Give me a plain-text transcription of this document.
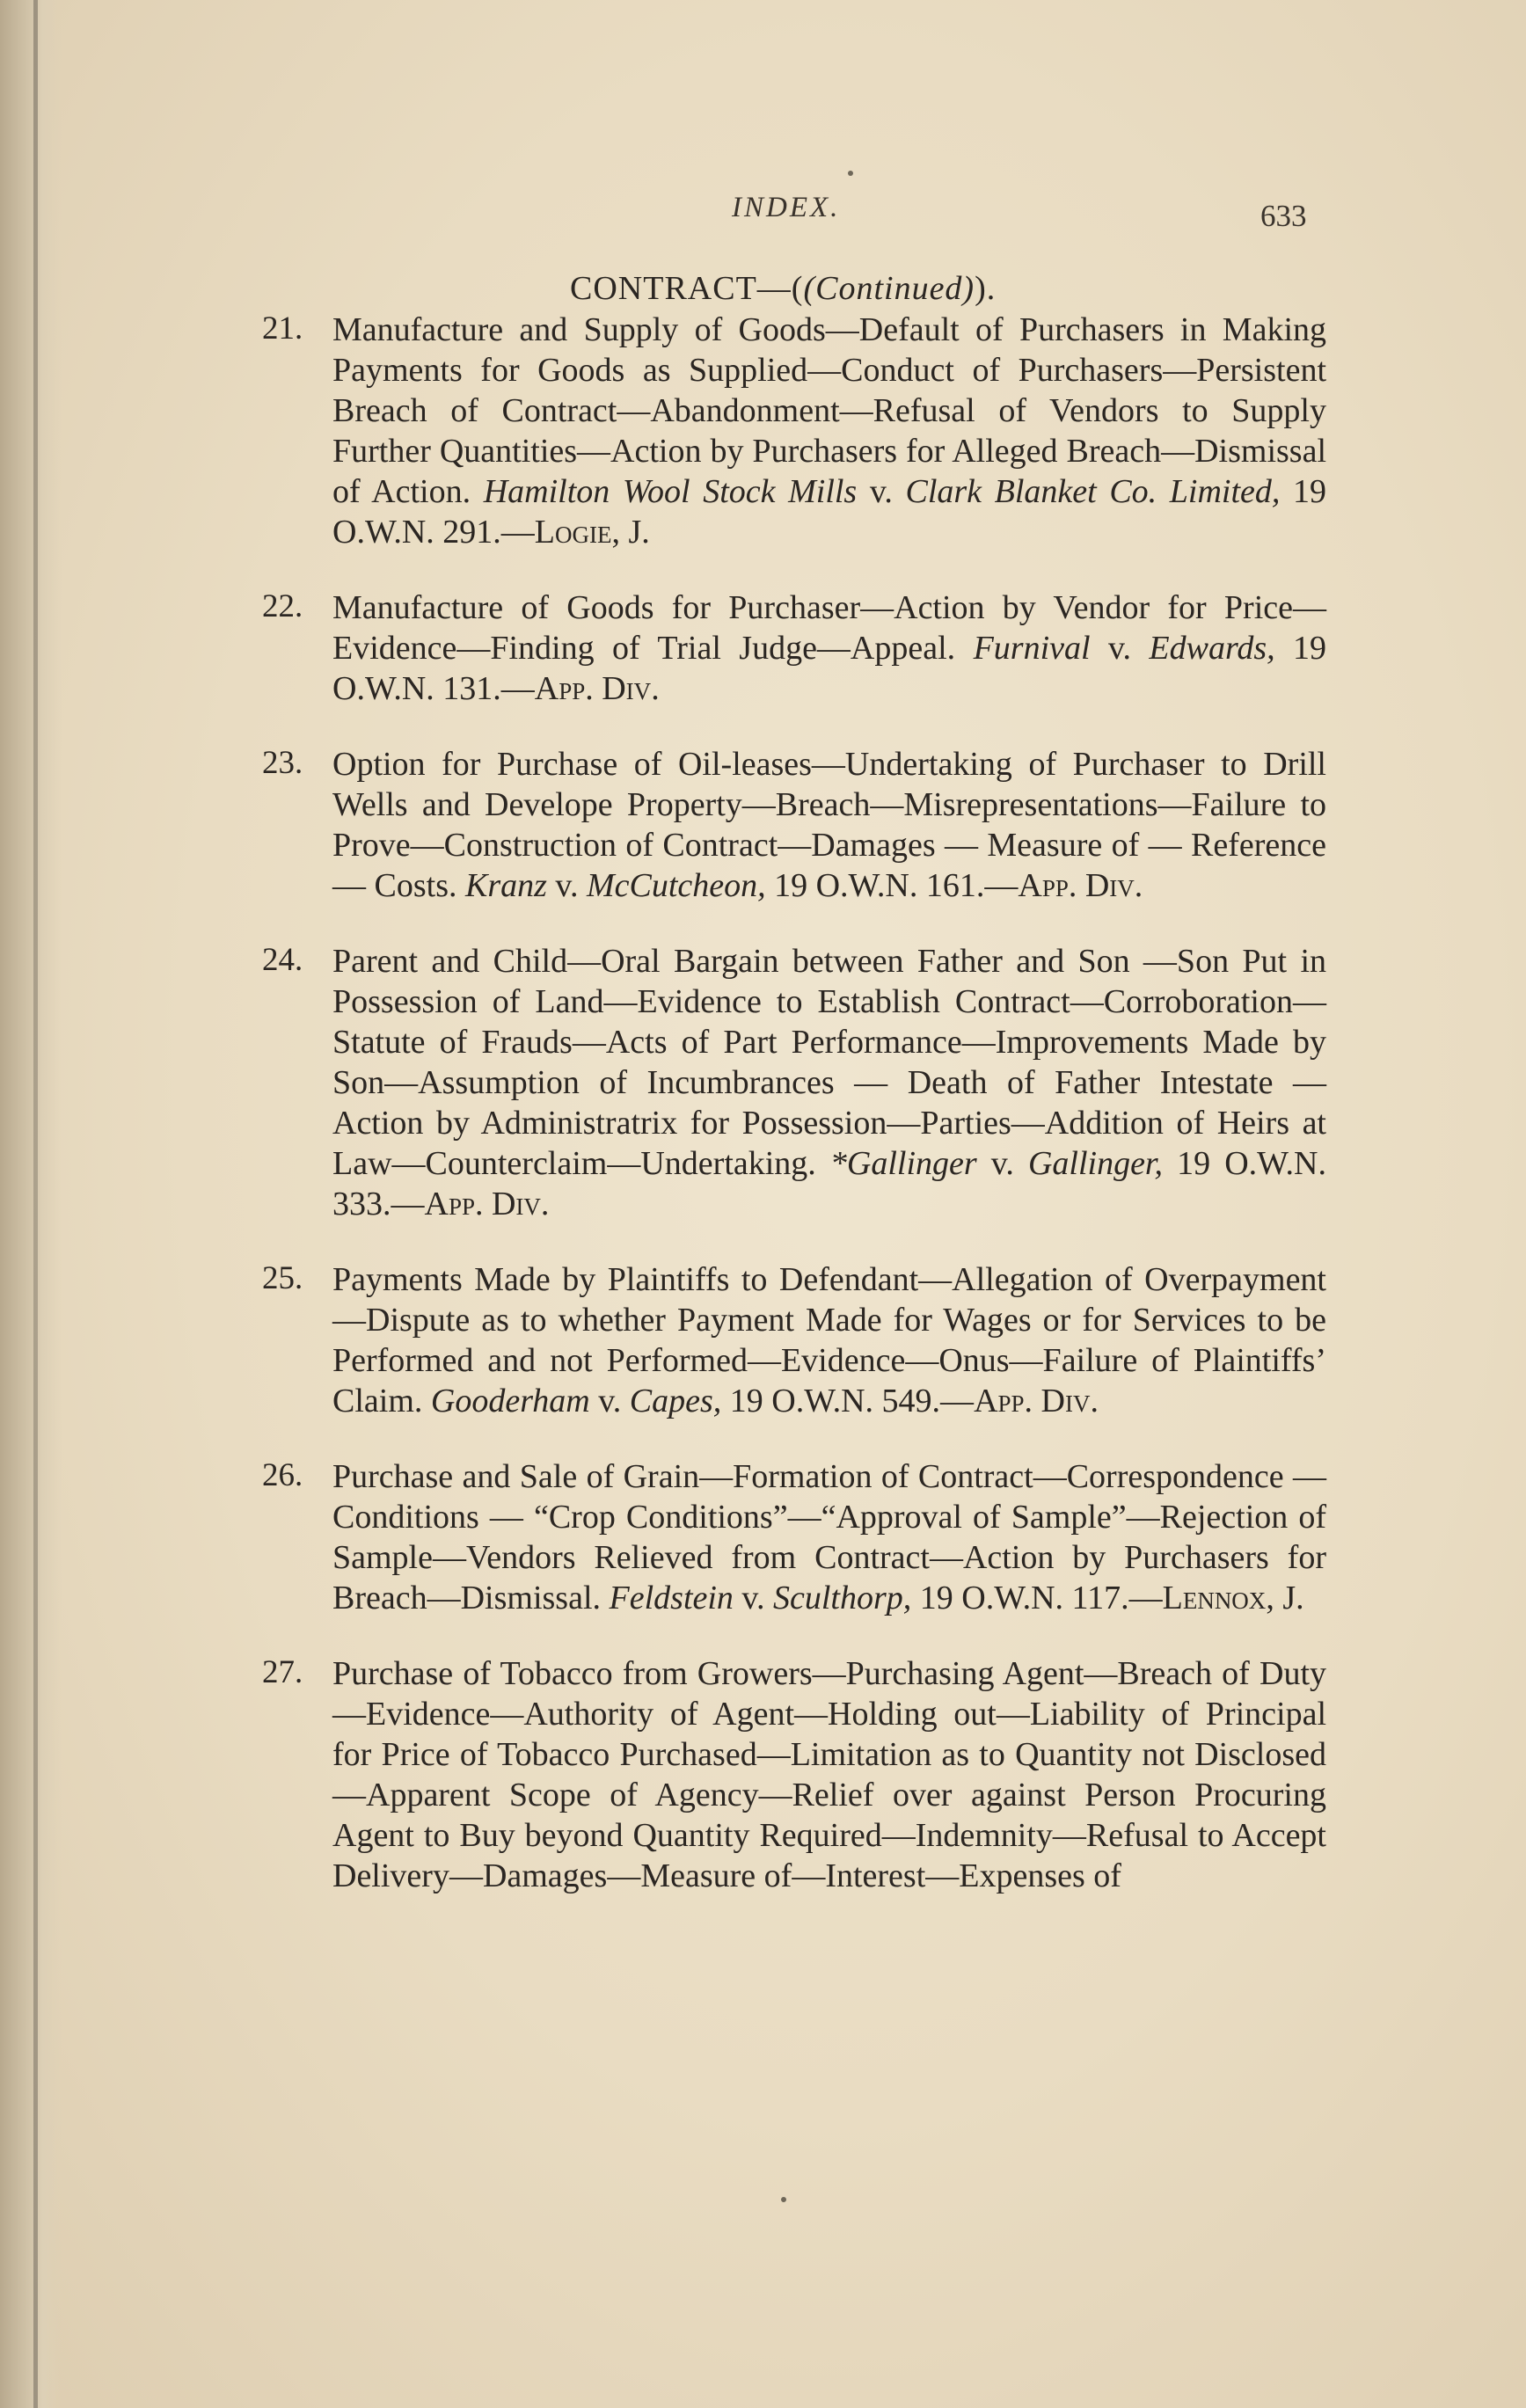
INDEX.	633
CONTRACT—((Continued)).
21. Manufacture and Supply of Goods—Default of Purchasers in Making Payments for Goods as Supplied—Conduct of Purchasers—Persistent Breach of Contract—Abandonment—Refusal of Vendors to Supply Further Quantities—Action by Purchasers for Alleged Breach—Dismissal of Action. Hamilton Wool Stock Mills v. Clark Blanket Co. Limited, 19 O.W.N. 291.—Logie, J.
22. Manufacture of Goods for Purchaser—Action by Vendor for Price—Evidence—Finding of Trial Judge—Appeal. Furnival v. Edwards, 19 O.W.N. 131.—App. Div.
23. Option for Purchase of Oil-leases—Undertaking of Purchaser to Drill Wells and Develope Property—Breach—Misrepresentations—Failure to Prove—Construction of Contract—Damages — Measure of — Reference — Costs. Kranz v. McCutcheon, 19 O.W.N. 161.—App. Div.
24. Parent and Child—Oral Bargain between Father and Son —Son Put in Possession of Land—Evidence to Establish Contract—Corroboration—Statute of Frauds—Acts of Part Performance—Improvements Made by Son—Assumption of Incumbrances — Death of Father Intestate — Action by Administratrix for Possession—Parties—Addition of Heirs at Law—Counterclaim—Undertaking. *Gallinger v. Gallinger, 19 O.W.N. 333.—App. Div.
25. Payments Made by Plaintiffs to Defendant—Allegation of Overpayment—Dispute as to whether Payment Made for Wages or for Services to be Performed and not Performed—Evidence—Onus—Failure of Plaintiffs’ Claim. Gooderham v. Capes, 19 O.W.N. 549.—App. Div.
26. Purchase and Sale of Grain—Formation of Contract—Correspondence — Conditions — “Crop Conditions”—“Approval of Sample”—Rejection of Sample—Vendors Relieved from Contract—Action by Purchasers for Breach—Dismissal. Feldstein v. Sculthorp, 19 O.W.N. 117.—Lennox, J.
27. Purchase of Tobacco from Growers—Purchasing Agent—Breach of Duty—Evidence—Authority of Agent—Holding out—Liability of Principal for Price of Tobacco Purchased—Limitation as to Quantity not Disclosed—Apparent Scope of Agency—Relief over against Person Procuring Agent to Buy beyond Quantity Required—Indemnity—Refusal to Accept Delivery—Damages—Measure of—Interest—Expenses of
